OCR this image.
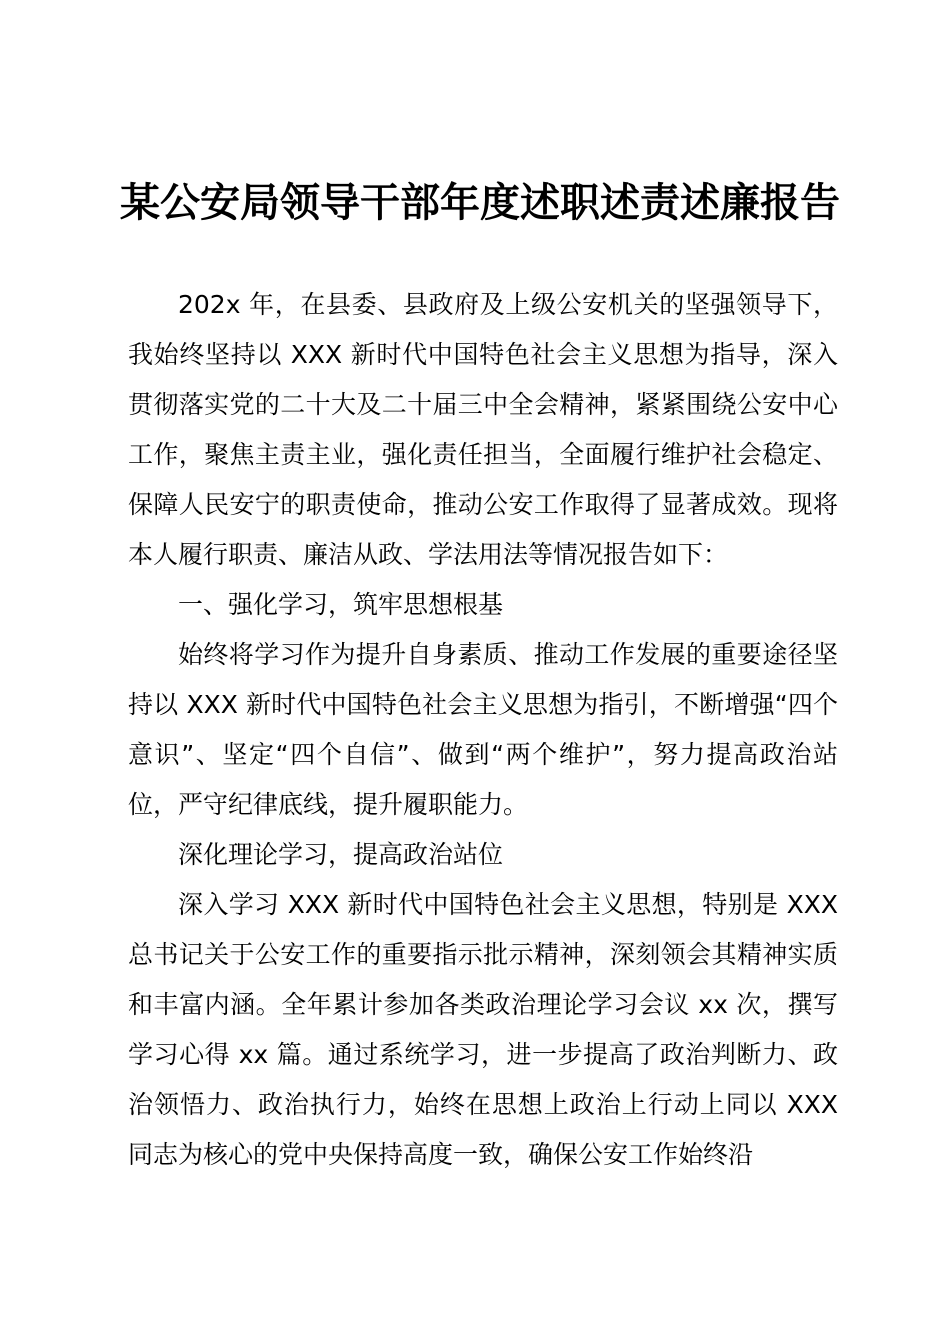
某公安局领导干部年度述职述责述廉报告

202x 年，在县委、县政府及上级公安机关的坚强领导下，我始终坚持以 XXX 新时代中国特色社会主义思想为指导，深入贯彻落实党的二十大及二十届三中全会精神，紧紧围绕公安中心工作，聚焦主责主业，强化责任担当，全面履行维护社会稳定、保障人民安宁的职责使命，推动公安工作取得了显著成效。现将本人履行职责、廉洁从政、学法用法等情况报告如下：

一、强化学习，筑牢思想根基

始终将学习作为提升自身素质、推动工作发展的重要途径坚持以 XXX 新时代中国特色社会主义思想为指引，不断增强“四个意识”、坚定“四个自信”、做到“两个维护”，努力提高政治站位，严守纪律底线，提升履职能力。

深化理论学习，提高政治站位

深入学习 XXX 新时代中国特色社会主义思想，特别是 XXX 总书记关于公安工作的重要指示批示精神，深刻领会其精神实质和丰富内涵。全年累计参加各类政治理论学习会议 xx 次，撰写学习心得 xx 篇。通过系统学习，进一步提高了政治判断力、政治领悟力、政治执行力，始终在思想上政治上行动上同以 XXX 同志为核心的党中央保持高度一致，确保公安工作始终沿
